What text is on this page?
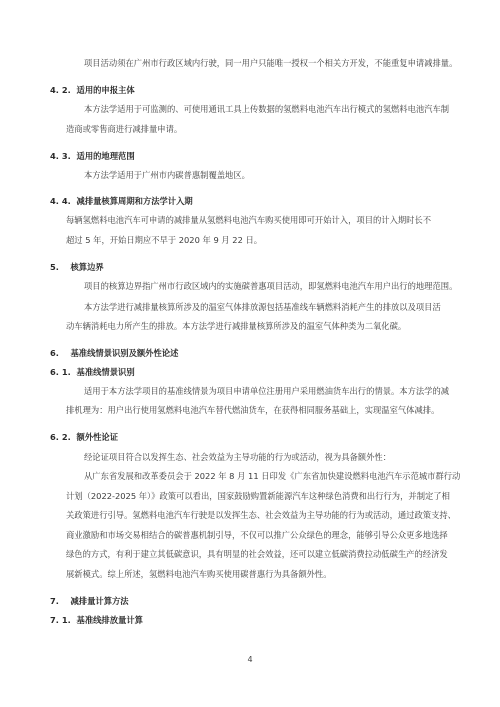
项目活动须在广州市行政区域内行驶，同一用户只能唯一授权一个相关方开发，不能重复申请减排量。
4. 2. 适用的申报主体
本方法学适用于可监测的、可使用通讯工具上传数据的氢燃料电池汽车出行模式的氢燃料电池汽车制
造商或零售商进行减排量申请。
4. 3. 适用的地理范围
本方法学适用于广州市内碳普惠制覆盖地区。
4. 4. 减排量核算周期和方法学计入期
每辆氢燃料电池汽车可申请的减排量从氢燃料电池汽车购买使用即可开始计入，项目的计入期时长不
超过 5 年，开始日期应不早于 2020 年 9 月 22 日。
5. 核算边界
项目的核算边界指广州市行政区域内的实施碳普惠项目活动，即氢燃料电池汽车用户出行的地理范围。
本方法学进行减排量核算所涉及的温室气体排放源包括基准线车辆燃料消耗产生的排放以及项目活
动车辆消耗电力所产生的排放。本方法学进行减排量核算所涉及的温室气体种类为二氧化碳。
6. 基准线情景识别及额外性论述
6. 1. 基准线情景识别
适用于本方法学项目的基准线情景为项目申请单位注册用户采用燃油货车出行的情景。本方法学的减
排机理为：用户出行使用氢燃料电池汽车替代燃油货车，在获得相同服务基础上，实现温室气体减排。
6. 2. 额外性论证
经论证项目符合以发挥生态、社会效益为主导功能的行为或活动，视为具备额外性：
从广东省发展和改革委员会于 2022 年 8 月 11 日印发《广东省加快建设燃料电池汽车示范城市群行动
计划（2022-2025 年）》政策可以看出，国家鼓励购置新能源汽车这种绿色消费和出行行为，并制定了相
关政策进行引导。氢燃料电池汽车行驶是以发挥生态、社会效益为主导功能的行为或活动，通过政策支持、
商业激励和市场交易相结合的碳普惠机制引导，不仅可以推广公众绿色的理念，能够引导公众更多地选择
绿色的方式，有利于建立其低碳意识，具有明显的社会效益，还可以建立低碳消费拉动低碳生产的经济发
展新模式。综上所述，氢燃料电池汽车购买使用碳普惠行为具备额外性。
7. 减排量计算方法
7. 1. 基准线排放量计算
4
